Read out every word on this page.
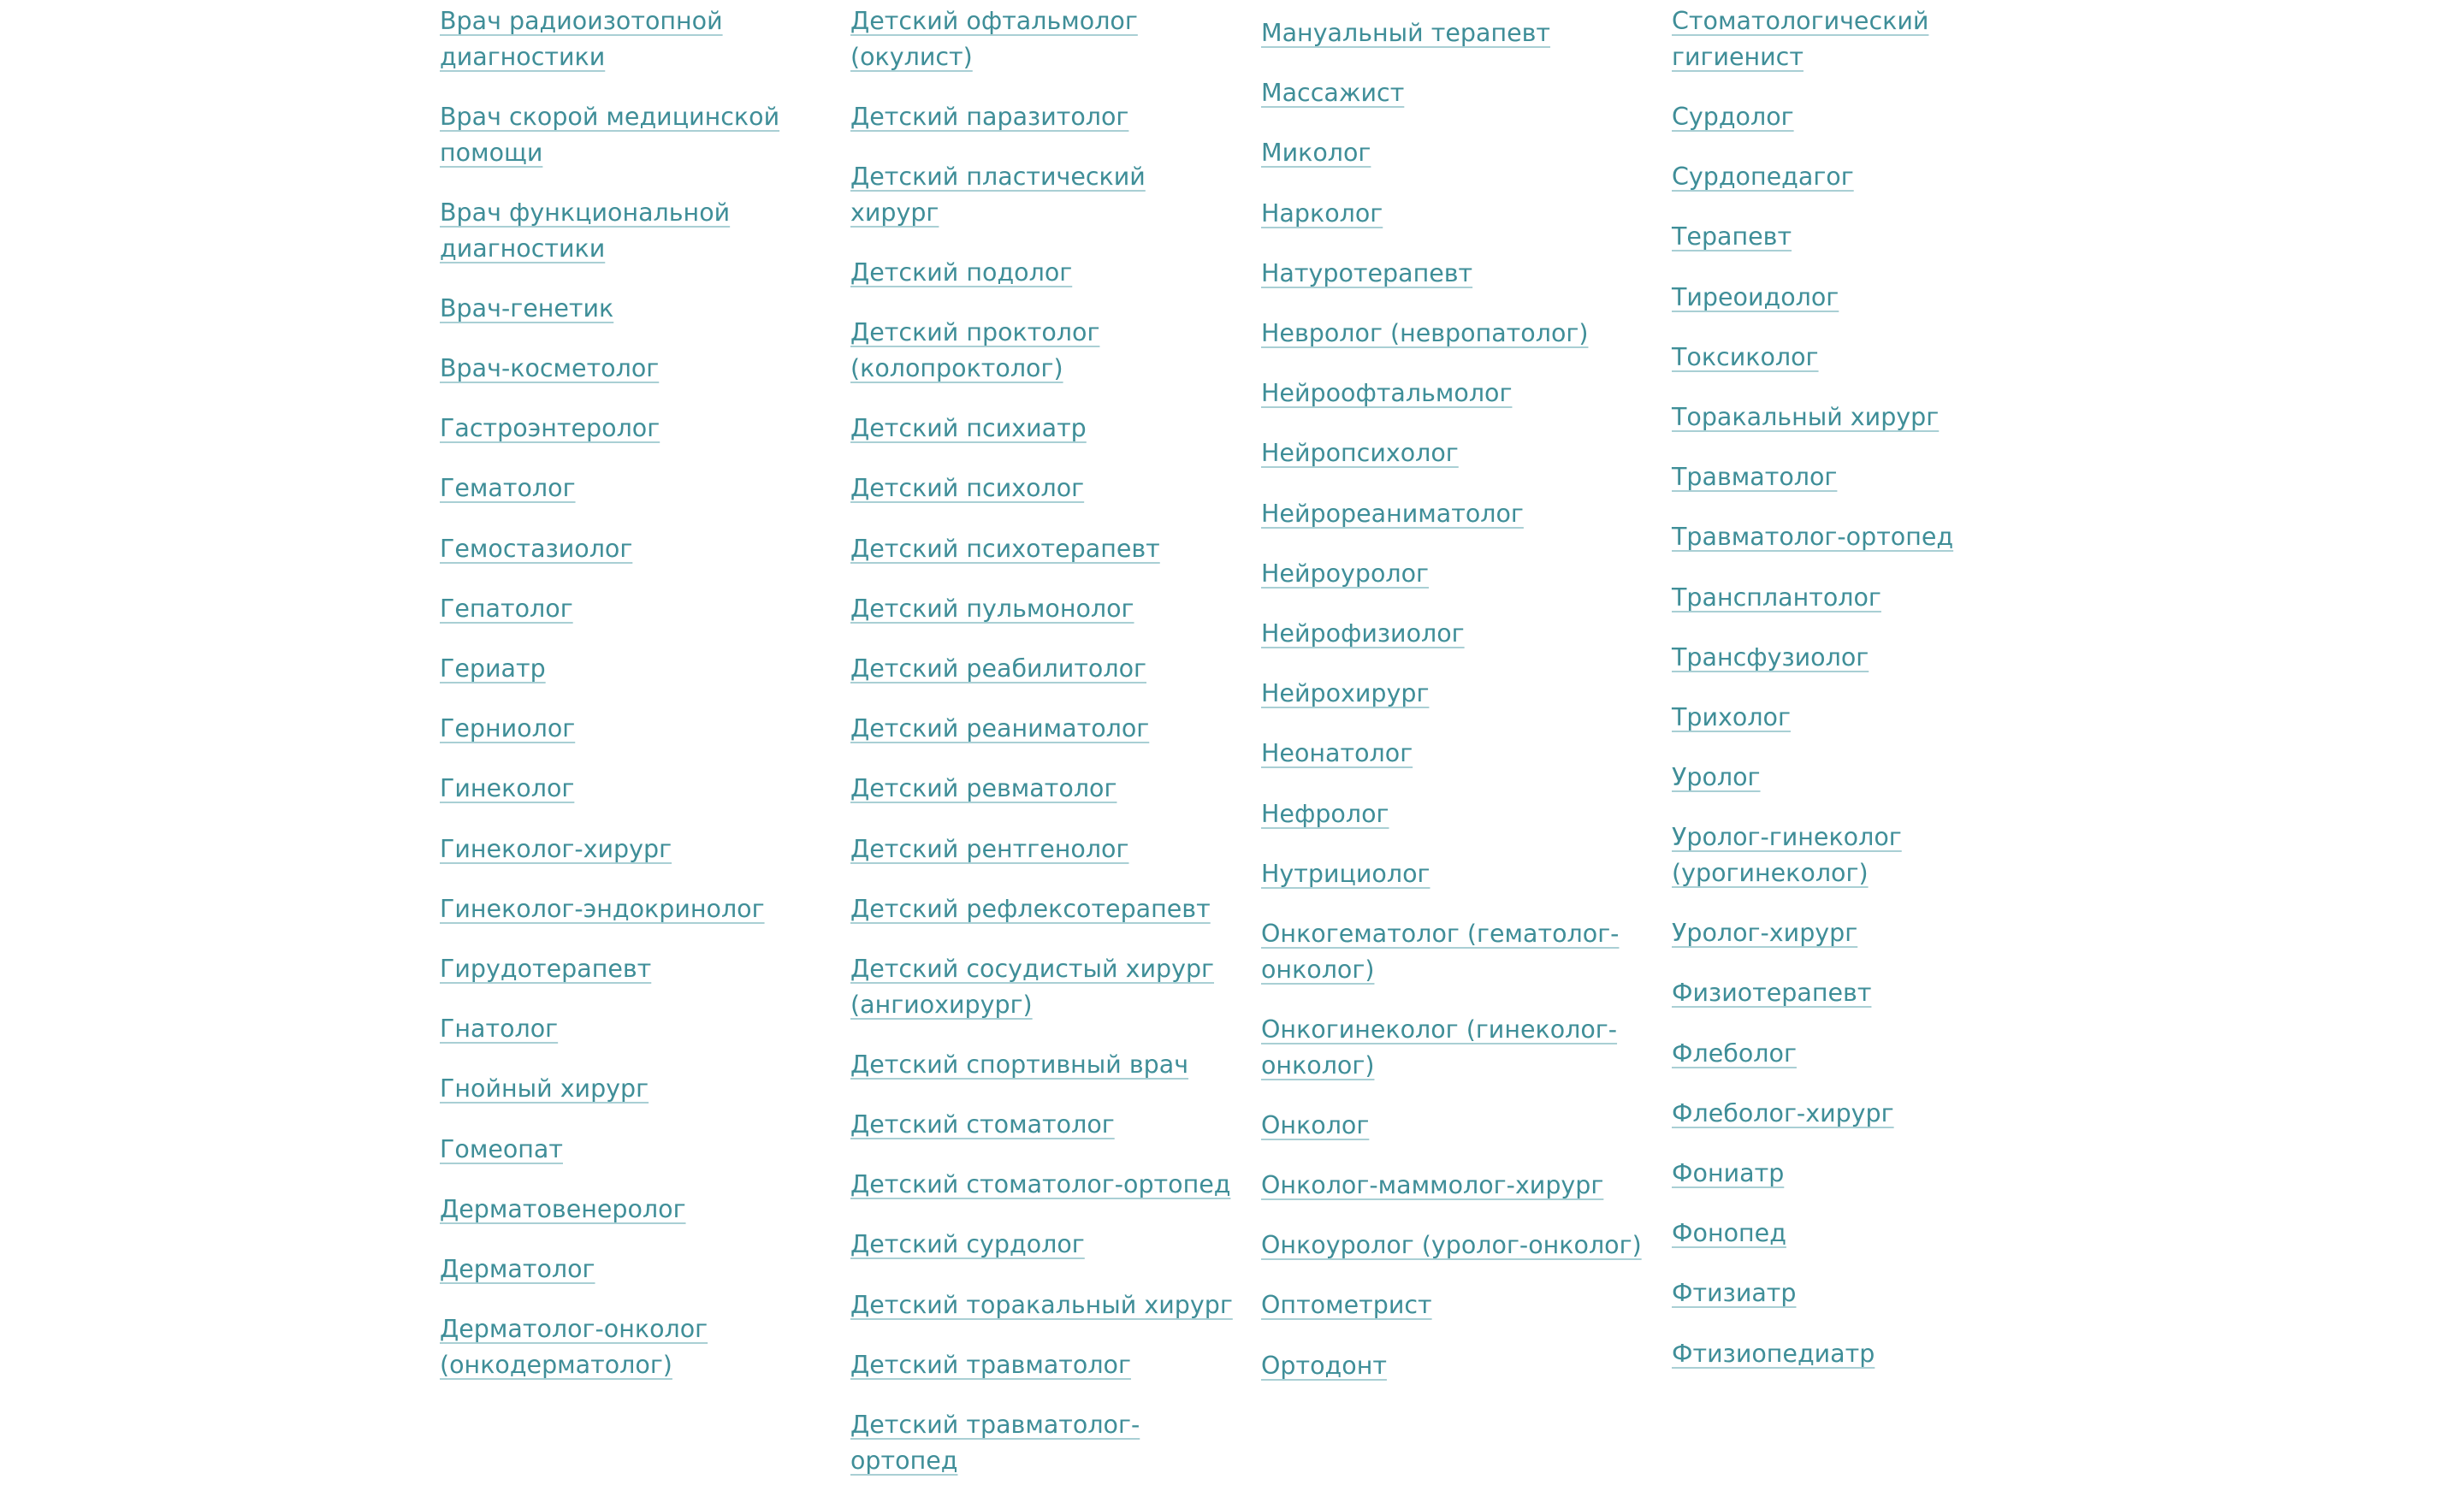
Врач радиоизотопной диагностики
Врач скорой медицинской помощи
Врач функциональной диагностики
Врач-генетик
Врач-косметолог
Гастроэнтеролог
Гематолог
Гемостазиолог
Гепатолог
Гериатр
Герниолог
Гинеколог
Гинеколог-хирург
Гинеколог-эндокринолог
Гирудотерапевт
Гнатолог
Гнойный хирург
Гомеопат
Дерматовенеролог
Дерматолог
Дерматолог-онколог (онкодерматолог)
Детский офтальмолог (окулист)
Детский паразитолог
Детский пластический хирург
Детский подолог
Детский проктолог (колопроктолог)
Детский психиатр
Детский психолог
Детский психотерапевт
Детский пульмонолог
Детский реабилитолог
Детский реаниматолог
Детский ревматолог
Детский рентгенолог
Детский рефлексотерапевт
Детский сосудистый хирург (ангиохирург)
Детский спортивный врач
Детский стоматолог
Детский стоматолог-ортопед
Детский сурдолог
Детский торакальный хирург
Детский травматолог
Детский травматолог-ортопед
Мануальный терапевт
Массажист
Миколог
Нарколог
Натуротерапевт
Невролог (невропатолог)
Нейроофтальмолог
Нейропсихолог
Нейрореаниматолог
Нейроуролог
Нейрофизиолог
Нейрохирург
Неонатолог
Нефролог
Нутрициолог
Онкогематолог (гематолог-онколог)
Онкогинеколог (гинеколог-онколог)
Онколог
Онколог-маммолог-хирург
Онкоуролог (уролог-онколог)
Оптометрист
Ортодонт
Стоматологический гигиенист
Сурдолог
Сурдопедагог
Терапевт
Тиреоидолог
Токсиколог
Торакальный хирург
Травматолог
Травматолог-ортопед
Трансплантолог
Трансфузиолог
Трихолог
Уролог
Уролог-гинеколог (урогинеколог)
Уролог-хирург
Физиотерапевт
Флеболог
Флеболог-хирург
Фониатр
Фонопед
Фтизиатр
Фтизиопедиатр
